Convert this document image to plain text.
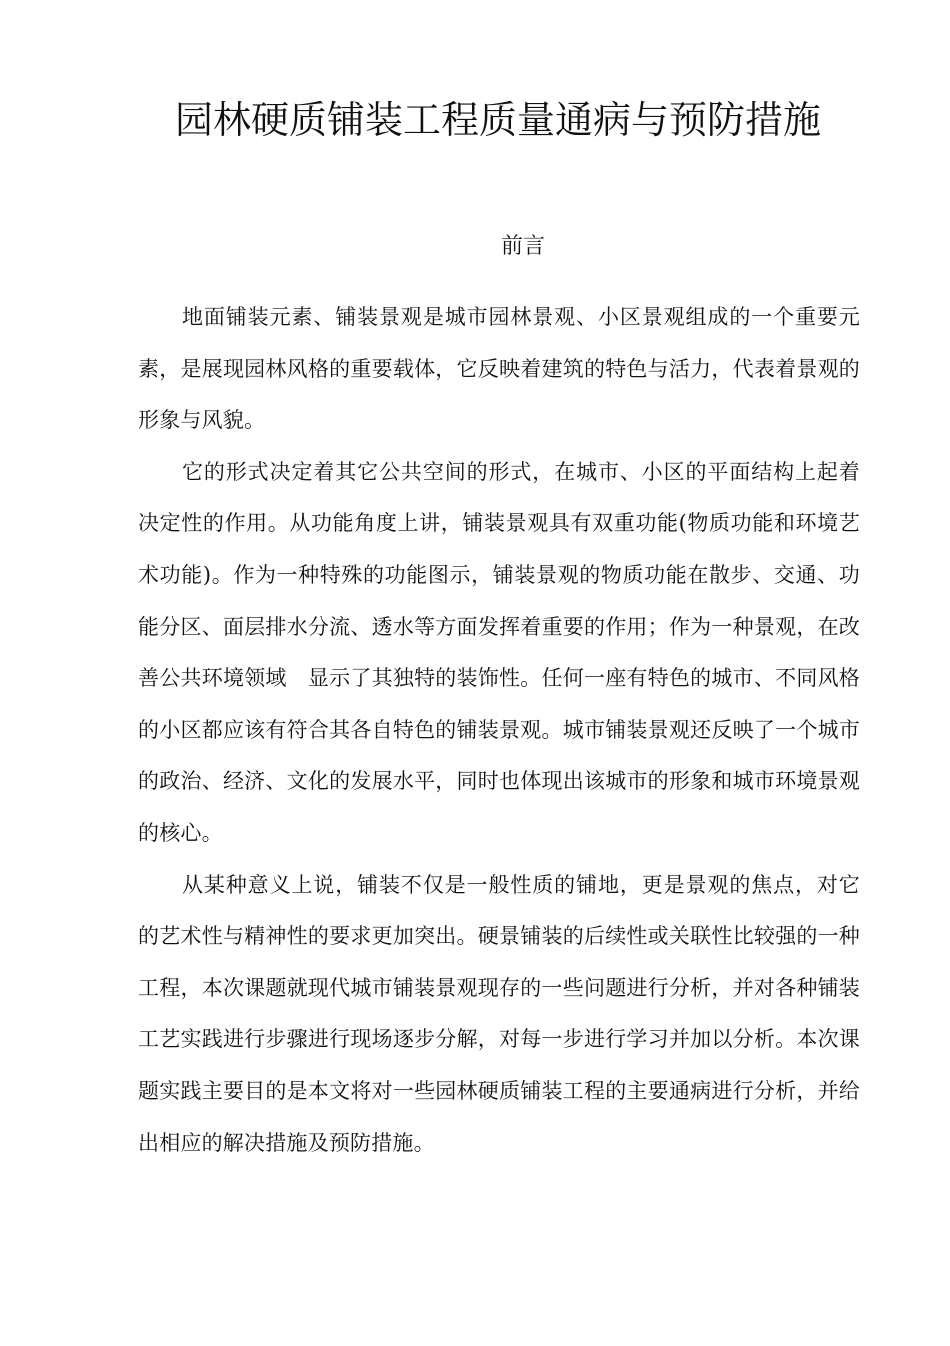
园林硬质铺装工程质量通病与预防措施
前言

地面铺装元素、铺装景观是城市园林景观、小区景观组成的一个重要元素，是展现园林风格的重要载体，它反映着建筑的特色与活力，代表着景观的形象与风貌。

它的形式决定着其它公共空间的形式，在城市、小区的平面结构上起着决定性的作用。从功能角度上讲，铺装景观具有双重功能(物质功能和环境艺术功能)。作为一种特殊的功能图示，铺装景观的物质功能在散步、交通、功能分区、面层排水分流、透水等方面发挥着重要的作用；作为一种景观，在改善公共环境领域　显示了其独特的装饰性。任何一座有特色的城市、不同风格的小区都应该有符合其各自特色的铺装景观。城市铺装景观还反映了一个城市的政治、经济、文化的发展水平，同时也体现出该城市的形象和城市环境景观的核心。

从某种意义上说，铺装不仅是一般性质的铺地，更是景观的焦点，对它的艺术性与精神性的要求更加突出。硬景铺装的后续性或关联性比较强的一种工程，本次课题就现代城市铺装景观现存的一些问题进行分析，并对各种铺装工艺实践进行步骤进行现场逐步分解，对每一步进行学习并加以分析。本次课题实践主要目的是本文将对一些园林硬质铺装工程的主要通病进行分析，并给出相应的解决措施及预防措施。
